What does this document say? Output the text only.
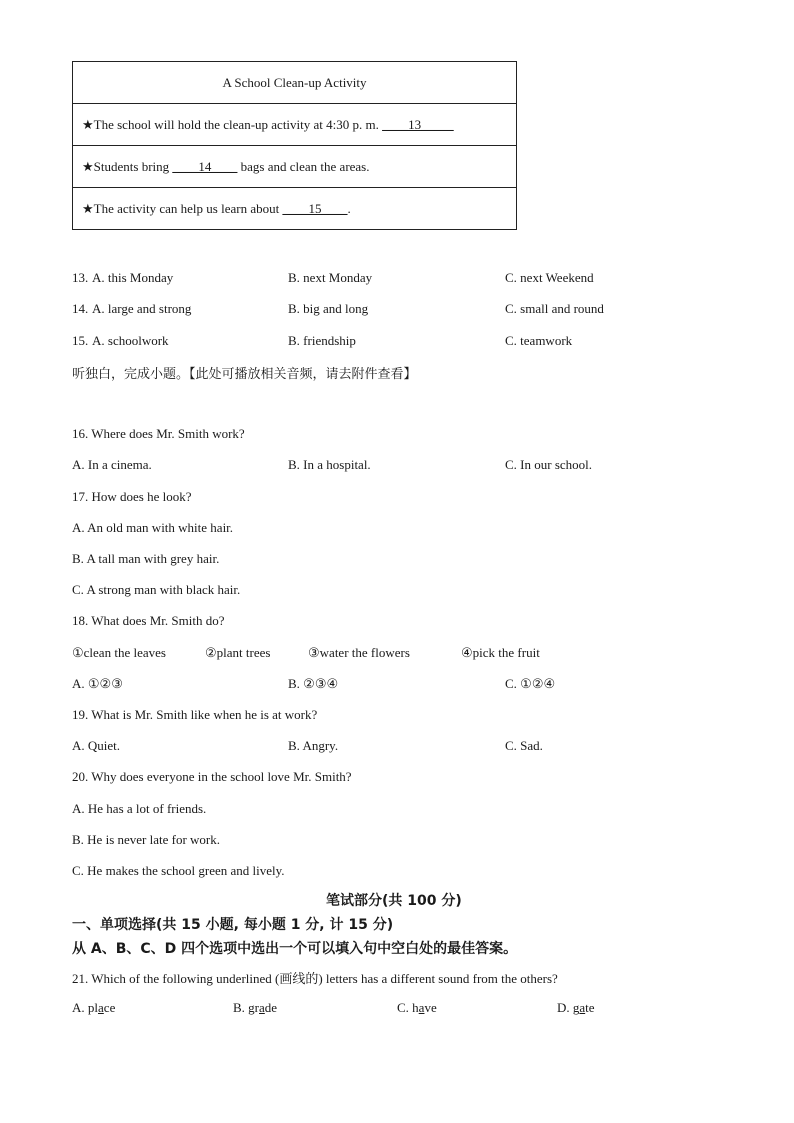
A School Clean-up Activity
★The school will hold the clean-up activity at 4:30 p. m. ____13_____
★Students bring ____14____ bags and clean the areas.
★The activity can help us learn about ____15____.
13. A. this Monday	B. next Monday	C. next Weekend
14. A. large and strong	B. big and long	C. small and round
15. A. schoolwork	B. friendship	C. teamwork
听独白，完成小题。【此处可播放相关音频，请去附件查看】
16. Where does Mr. Smith work?
A. In a cinema.	B. In a hospital.	C. In our school.
17. How does he look?
A. An old man with white hair.
B. A tall man with grey hair.
C. A strong man with black hair.
18. What does Mr. Smith do?
①clean the leaves	②plant trees	③water the flowers	④pick the fruit
A. ①②③	B. ②③④	C. ①②④
19. What is Mr. Smith like when he is at work?
A. Quiet.	B. Angry.	C. Sad.
20. Why does everyone in the school love Mr. Smith?
A. He has a lot of friends.
B. He is never late for work.
C. He makes the school green and lively.
笔试部分(共 100 分)
一、单项选择(共 15 小题, 每小题 1 分, 计 15 分)
从 A、B、C、D 四个选项中选出一个可以填入句中空白处的最佳答案。
21. Which of the following underlined (画线的) letters has a different sound from the others?
A. place	B. grade	C. have	D. gate
